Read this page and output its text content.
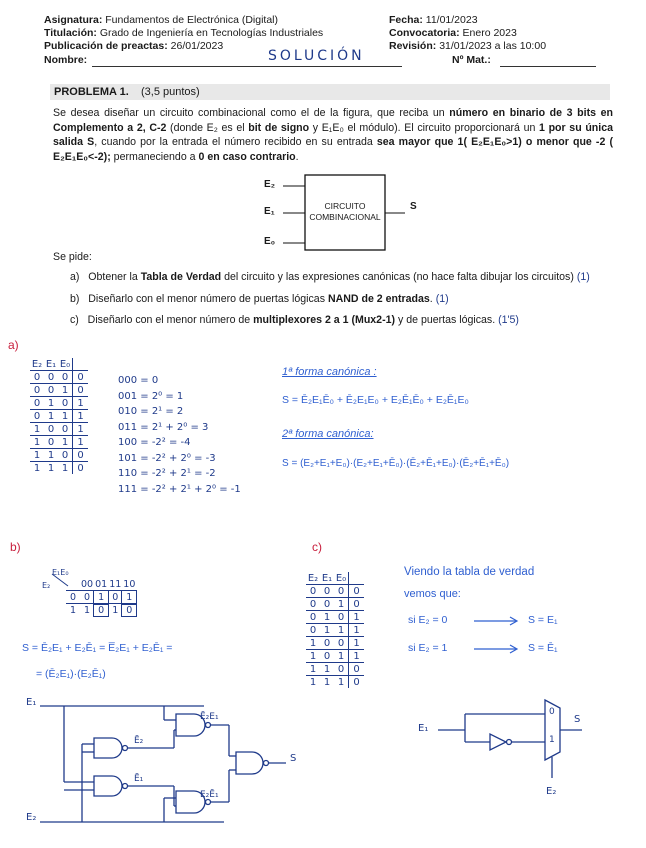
Asignatura: Fundamentos de Electrónica (Digital)
Titulación: Grado de Ingeniería en Tecnologías Industriales
Publicación de preactas: 26/01/2023
Nombre:	SOLUCIÓN
Fecha: 11/01/2023
Convocatoria: Enero 2023
Revisión: 31/01/2023 a las 10:00
Nº Mat.:
PROBLEMA 1. (3,5 puntos)
Se desea diseñar un circuito combinacional como el de la figura, que reciba un número en binario de 3 bits en Complemento a 2, C-2 (donde E₂ es el bit de signo y E₁E₀ el módulo). El circuito proporcionará un 1 por su única salida S, cuando por la entrada el número recibido en su entrada sea mayor que 1( E₂E₁E₀>1) o menor que -2 ( E₂E₁E₀<-2); permaneciendo a 0 en caso contrario.
E₂
E₁
E₀
S
CIRCUITO
COMBINACIONAL
Se pide:
a) Obtener la Tabla de Verdad del circuito y las expresiones canónicas (no hace falta dibujar los circuitos) (1)
b) Diseñarlo con el menor número de puertas lógicas NAND de 2 entradas. (1)
c) Diseñarlo con el menor número de multiplexores 2 a 1 (Mux2-1) y de puertas lógicas. (1'5)
a)
E₂	E₁	E₀	
0	0	0	0
0	0	1	0
0	1	0	1
0	1	1	1
1	0	0	1
1	0	1	1
1	1	0	0
1	1	1	0
000 = 0
001 = 2⁰ = 1
010 = 2¹ = 2
011 = 2¹ + 2⁰ = 3
100 = -2² = -4
101 = -2² + 2⁰ = -3
110 = -2² + 2¹ = -2
111 = -2² + 2¹ + 2⁰ = -1
1ª forma canónica :
S = Ē₂E₁Ē₀ + Ē₂E₁E₀ + E₂Ē₁Ē₀ + E₂Ē₁E₀
2ª forma canónica:
S = (E₂+E₁+E₀)·(E₂+E₁+Ē₀)·(Ē₂+Ē₁+E₀)·(Ē₂+Ē₁+Ē₀)
b)
E₁E₀
E₂
		00	01	11	10
0	0	1	0	1
1	1	0	1	0
S = Ē₂E₁ + E₂Ē₁ = E̅₂E₁ + E₂Ē₁ =
= (Ē₂E₁)·(E₂Ē₁)
E₁
E₂
Ē₂
Ē₁
Ē₂E₁
E₂Ē₁
S
c)
E₂	E₁	E₀	
0	0	0	0
0	0	1	0
0	1	0	1
0	1	1	1
1	0	0	1
1	0	1	1
1	1	0	0
1	1	1	0
Viendo la tabla de verdad
vemos que:
si E₂ = 0	S = E₁
si E₂ = 1	S = Ē₁
E₁
0
1
S
E₂
